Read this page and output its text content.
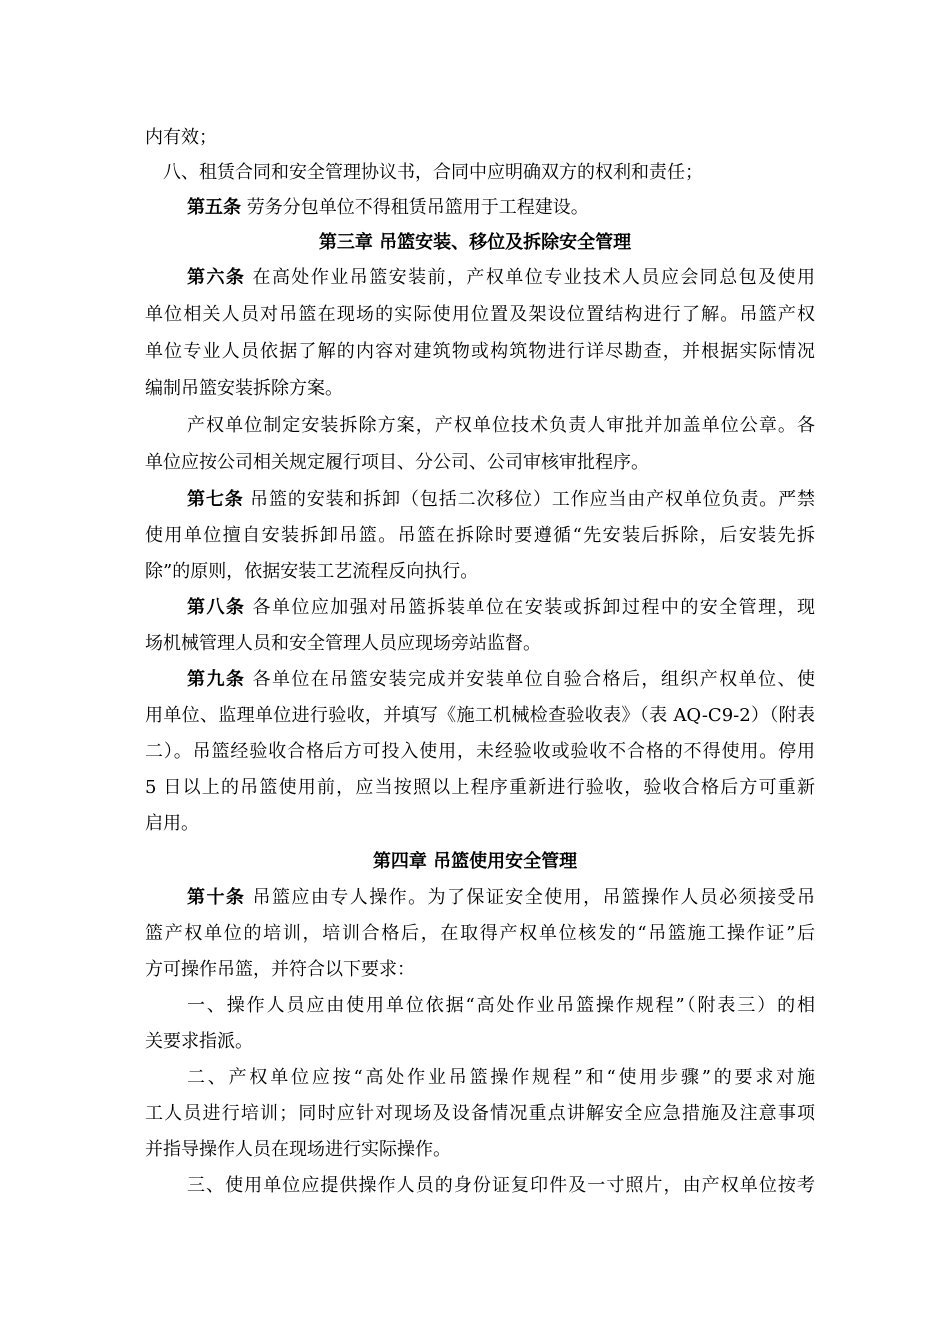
内有效；
八、租赁合同和安全管理协议书，合同中应明确双方的权利和责任；
第五条 劳务分包单位不得租赁吊篮用于工程建设。
第三章 吊篮安装、移位及拆除安全管理
第六条 在高处作业吊篮安装前，产权单位专业技术人员应会同总包及使用
单位相关人员对吊篮在现场的实际使用位置及架设位置结构进行了解。吊篮产权
单位专业人员依据了解的内容对建筑物或构筑物进行详尽勘查，并根据实际情况
编制吊篮安装拆除方案。
产权单位制定安装拆除方案，产权单位技术负责人审批并加盖单位公章。各
单位应按公司相关规定履行项目、分公司、公司审核审批程序。
第七条 吊篮的安装和拆卸（包括二次移位）工作应当由产权单位负责。严禁
使用单位擅自安装拆卸吊篮。吊篮在拆除时要遵循“先安装后拆除，后安装先拆
除”的原则，依据安装工艺流程反向执行。
第八条 各单位应加强对吊篮拆装单位在安装或拆卸过程中的安全管理，现
场机械管理人员和安全管理人员应现场旁站监督。
第九条 各单位在吊篮安装完成并安装单位自验合格后，组织产权单位、使
用单位、监理单位进行验收，并填写《施工机械检查验收表》（表 AQ-C9-2）（附表
二）。吊篮经验收合格后方可投入使用，未经验收或验收不合格的不得使用。停用
5 日以上的吊篮使用前，应当按照以上程序重新进行验收，验收合格后方可重新
启用。
第四章 吊篮使用安全管理
第十条 吊篮应由专人操作。为了保证安全使用，吊篮操作人员必须接受吊
篮产权单位的培训，培训合格后，在取得产权单位核发的“吊篮施工操作证”后
方可操作吊篮，并符合以下要求：
一、操作人员应由使用单位依据“高处作业吊篮操作规程”（附表三）的相
关要求指派。
二、产权单位应按“高处作业吊篮操作规程”和“使用步骤”的要求对施
工人员进行培训；同时应针对现场及设备情况重点讲解安全应急措施及注意事项
并指导操作人员在现场进行实际操作。
三、使用单位应提供操作人员的身份证复印件及一寸照片，由产权单位按考
